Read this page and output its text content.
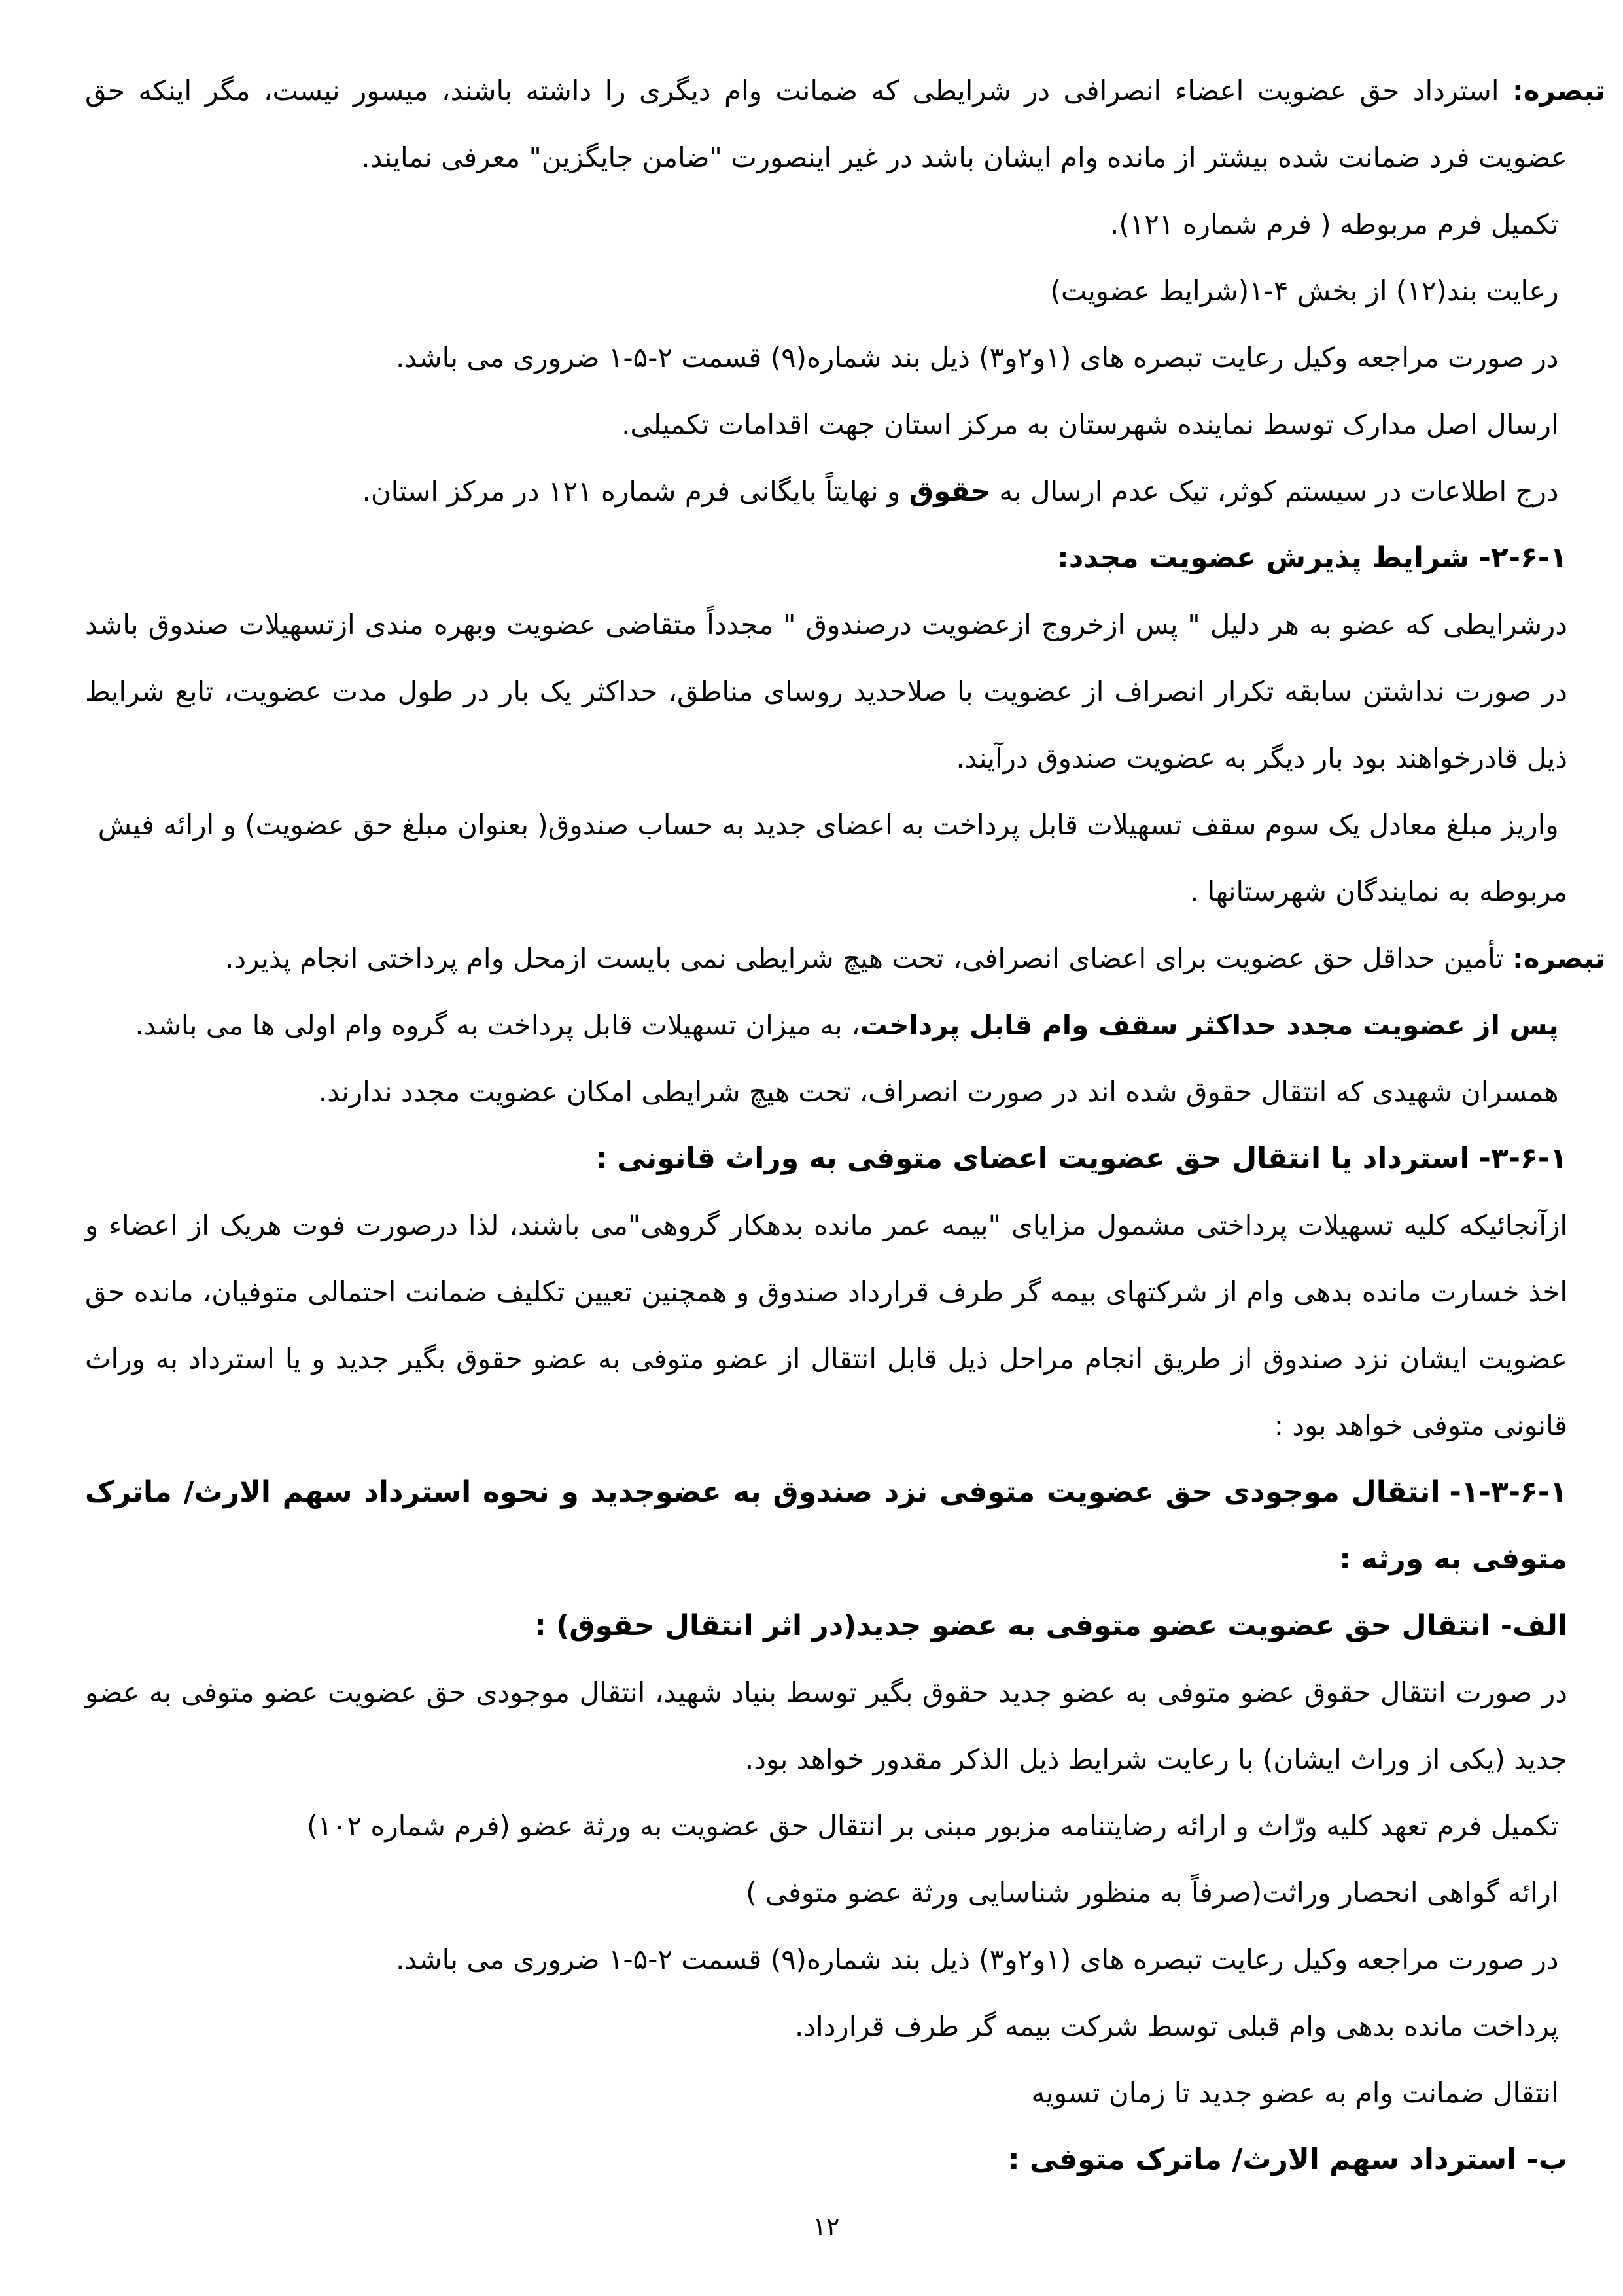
تبصره: استرداد حق عضویت اعضاء انصرافی در شرایطی که ضمانت وام دیگری را داشته باشند، میسور نیست، مگر اینکه حق عضویت فرد ضمانت شده بیشتر از مانده وام ایشان باشد در غیر اینصورت "ضامن جایگزین" معرفی نمایند.

تکمیل فرم مربوطه ( فرم شماره ۱۲۱).
رعایت بند(۱۲) از بخش ۴-۱(شرایط عضویت)
در صورت مراجعه وکیل رعایت تبصره های (۱و۲و۳) ذیل بند شماره(۹) قسمت ۲-۵-۱ ضروری می باشد.
ارسال اصل مدارک توسط نماینده شهرستان به مرکز استان جهت اقدامات تکمیلی.
درج اطلاعات در سیستم کوثر، تیک عدم ارسال به حقوق و نهایتاً بایگانی فرم شماره ۱۲۱ در مرکز استان.
۱-۶-۲-شرایط پذیرش عضویت مجدد:

درشرایطی که عضو به هر دلیل " پس ازخروج ازعضویت درصندوق " مجدداً متقاضی عضویت وبهره مندی ازتسهیلات صندوق باشد در صورت نداشتن سابقه تکرار انصراف از عضویت با صلاحدید روسای مناطق، حداکثر یک بار در طول مدت عضویت، تابع شرایط ذیل قادرخواهند بود بار دیگر به عضویت صندوق درآیند.

واریز مبلغ معادل یک سوم سقف تسهیلات قابل پرداخت به اعضای جدید به حساب صندوق( بعنوان مبلغ حق عضویت) و ارائه فیش مربوطه به نمایندگان شهرستانها .

تبصره: تأمین حداقل حق عضویت برای اعضای انصرافی، تحت هیچ شرایطی نمی بایست ازمحل وام پرداختی انجام پذیرد.

پس از عضویت مجدد حداکثر سقف وام قابل پرداخت، به میزان تسهیلات قابل پرداخت به گروه وام اولی ها می باشد.
همسران شهیدی که انتقال حقوق شده اند در صورت انصراف، تحت هیچ شرایطی امکان عضویت مجدد ندارند.
۱-۶-۳-استرداد یا انتقال حق عضویت اعضای متوفی به وراث قانونی :

ازآنجائیکه کلیه تسهیلات پرداختی مشمول مزایای "بیمه عمر مانده بدهکار گروهی"می باشند، لذا درصورت فوت هریک از اعضاء و اخذ خسارت مانده بدهی وام از شرکتهای بیمه گر طرف قرارداد صندوق و همچنین تعیین تکلیف ضمانت احتمالی متوفیان، مانده حق عضویت ایشان نزد صندوق از طریق انجام مراحل ذیل قابل انتقال از عضو متوفی به عضو حقوق بگیر جدید و یا استرداد به وراث قانونی متوفی خواهد بود :

۱-۶-۳-۱-انتقال موجودی حق عضویت متوفی نزد صندوق به عضوجدید و نحوه استرداد سهم الارث/ ماترک متوفی به ورثه :
الف- انتقال حق عضویت عضو متوفی به عضو جدید(در اثر انتقال حقوق) :

در صورت انتقال حقوق عضو متوفی به عضو جدید حقوق بگیر توسط بنیاد شهید، انتقال موجودی حق عضویت عضو متوفی به عضو جدید (یکی از وراث ایشان) با رعایت شرایط ذیل الذکر مقدور خواهد بود.

تکمیل فرم تعهد کلیه ورّاث و ارائه رضایتنامه مزبور مبنی بر انتقال حق عضویت به ورثة عضو (فرم شماره ۱۰۲)
ارائه گواهی انحصار وراثت(صرفاً به منظور شناسایی ورثة عضو متوفی )
در صورت مراجعه وکیل رعایت تبصره های (۱و۲و۳) ذیل بند شماره(۹) قسمت ۲-۵-۱ ضروری می باشد.
پرداخت مانده بدهی وام قبلی توسط شرکت بیمه گر طرف قرارداد.
انتقال ضمانت وام به عضو جدید تا زمان تسویه
ب- استرداد سهم الارث/ ماترک متوفی :
۱۲
